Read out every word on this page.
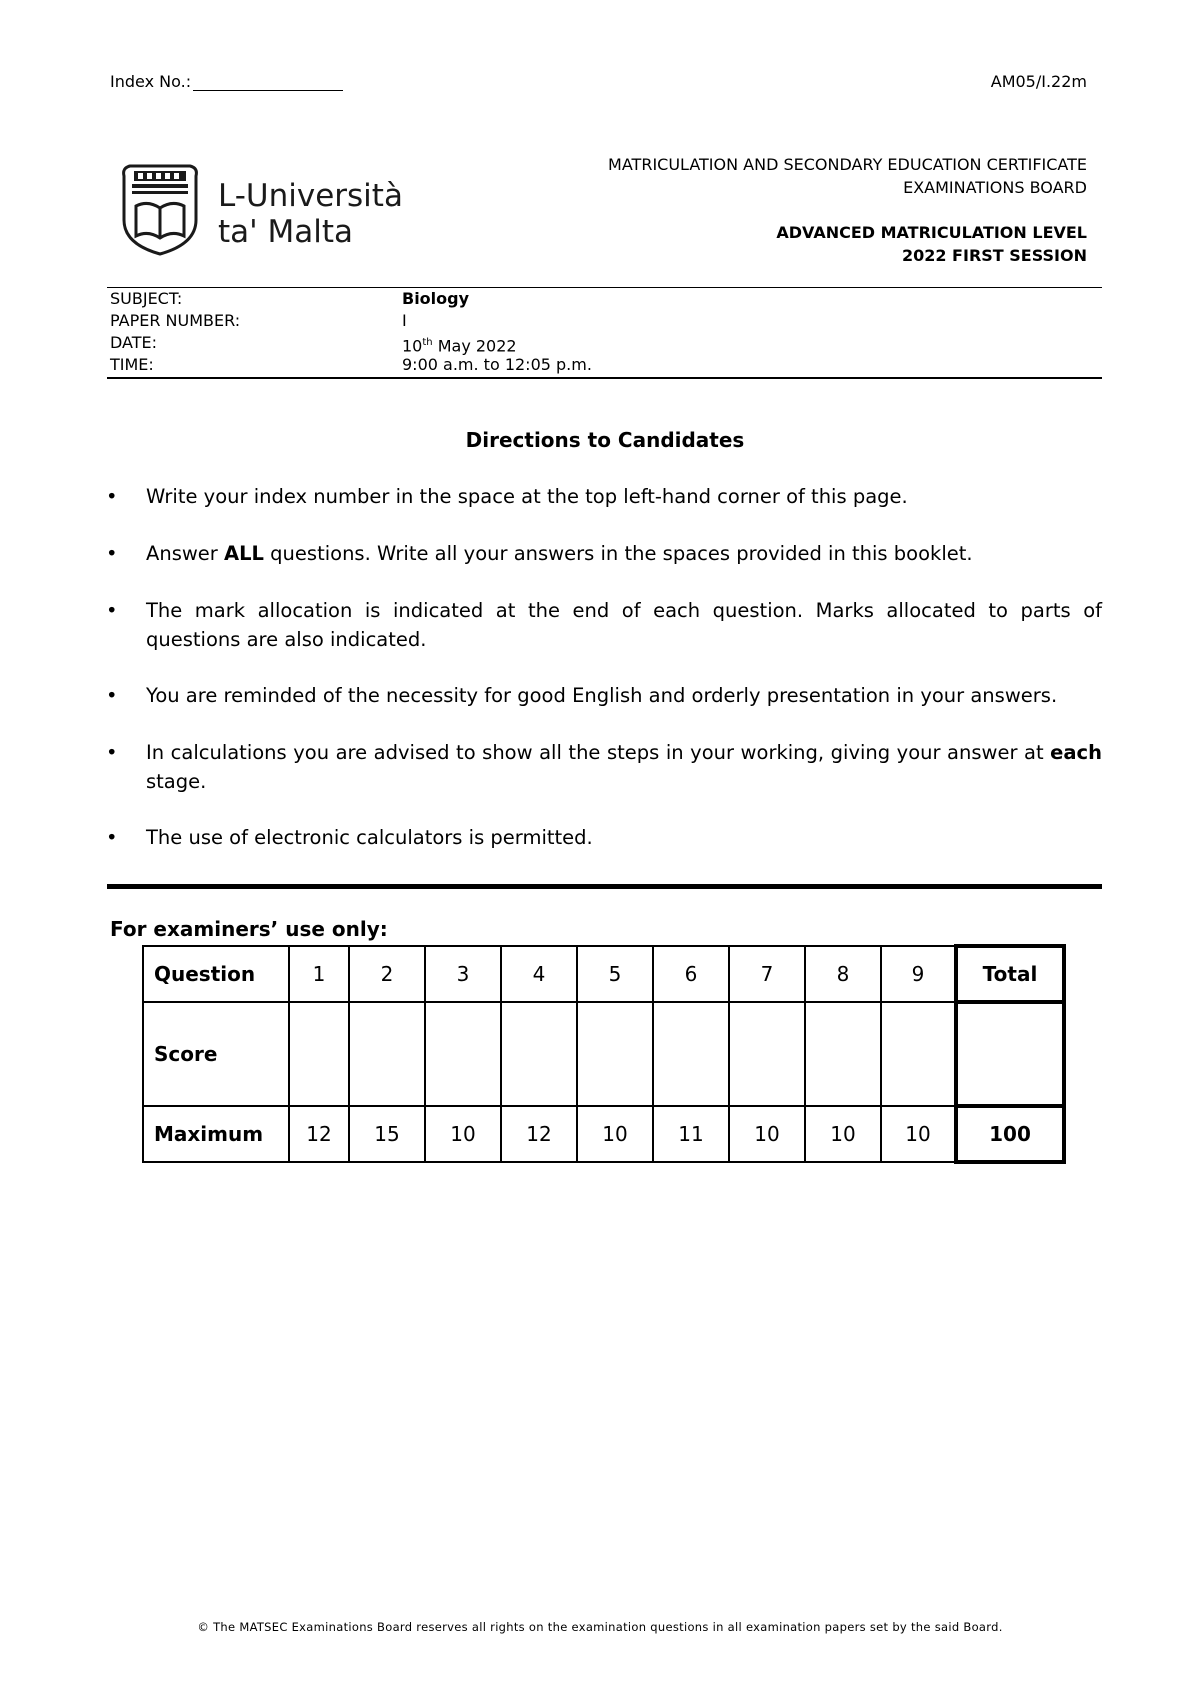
Index No.:	AM05/I.22m
L-Università
ta' Malta
MATRICULATION AND SECONDARY EDUCATION CERTIFICATE
EXAMINATIONS BOARD
ADVANCED MATRICULATION LEVEL
2022 FIRST SESSION
SUBJECT:	Biology
PAPER NUMBER:	I
DATE:	10th May 2022
TIME:	9:00 a.m. to 12:05 p.m.
Directions to Candidates
• Write your index number in the space at the top left-hand corner of this page.
• Answer ALL questions. Write all your answers in the spaces provided in this booklet.
• The mark allocation is indicated at the end of each question. Marks allocated to parts of questions are also indicated.
• You are reminded of the necessity for good English and orderly presentation in your answers.
• In calculations you are advised to show all the steps in your working, giving your answer at each stage.
• The use of electronic calculators is permitted.
For examiners’ use only:
Question	1	2	3	4	5	6	7	8	9	Total
Score										
Maximum	12	15	10	12	10	11	10	10	10	100
© The MATSEC Examinations Board reserves all rights on the examination questions in all examination papers set by the said Board.
